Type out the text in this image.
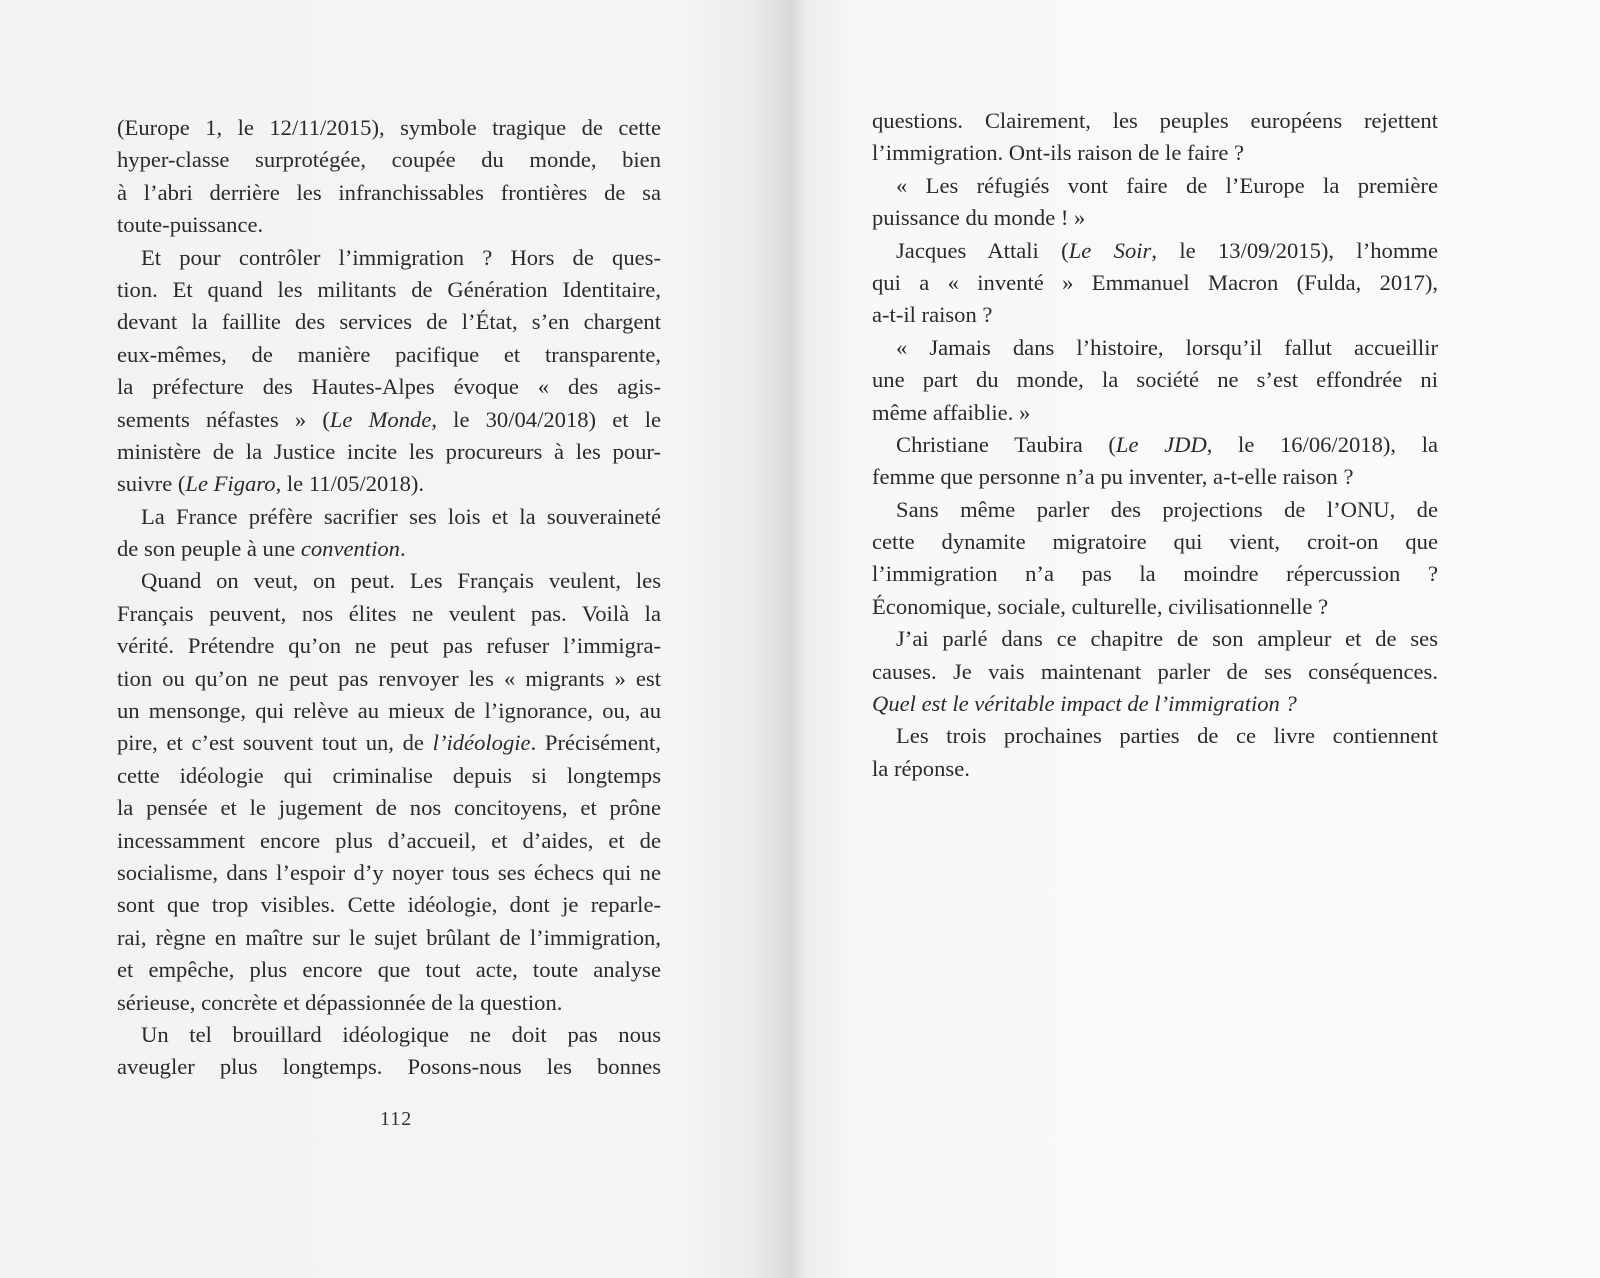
(Europe 1, le 12/11/2015), symbole tragique de cette
hyper-classe surprotégée, coupée du monde, bien
à l’abri derrière les infranchissables frontières de sa
toute-puissance.
Et pour contrôler l’immigration ? Hors de ques-
tion. Et quand les militants de Génération Identitaire,
devant la faillite des services de l’État, s’en chargent
eux-mêmes, de manière pacifique et transparente,
la préfecture des Hautes-Alpes évoque « des agis-
sements néfastes » (Le Monde, le 30/04/2018) et le
ministère de la Justice incite les procureurs à les pour-
suivre (Le Figaro, le 11/05/2018).
La France préfère sacrifier ses lois et la souveraineté
de son peuple à une convention.
Quand on veut, on peut. Les Français veulent, les
Français peuvent, nos élites ne veulent pas. Voilà la
vérité. Prétendre qu’on ne peut pas refuser l’immigra-
tion ou qu’on ne peut pas renvoyer les « migrants » est
un mensonge, qui relève au mieux de l’ignorance, ou, au
pire, et c’est souvent tout un, de l’idéologie. Précisément,
cette idéologie qui criminalise depuis si longtemps
la pensée et le jugement de nos concitoyens, et prône
incessamment encore plus d’accueil, et d’aides, et de
socialisme, dans l’espoir d’y noyer tous ses échecs qui ne
sont que trop visibles. Cette idéologie, dont je reparle-
rai, règne en maître sur le sujet brûlant de l’immigration,
et empêche, plus encore que tout acte, toute analyse
sérieuse, concrète et dépassionnée de la question.
Un tel brouillard idéologique ne doit pas nous
aveugler plus longtemps. Posons-nous les bonnes
112
questions. Clairement, les peuples européens rejettent
l’immigration. Ont-ils raison de le faire ?
« Les réfugiés vont faire de l’Europe la première
puissance du monde ! »
Jacques Attali (Le Soir, le 13/09/2015), l’homme
qui a « inventé » Emmanuel Macron (Fulda, 2017),
a-t-il raison ?
« Jamais dans l’histoire, lorsqu’il fallut accueillir
une part du monde, la société ne s’est effondrée ni
même affaiblie. »
Christiane Taubira (Le JDD, le 16/06/2018), la
femme que personne n’a pu inventer, a-t-elle raison ?
Sans même parler des projections de l’ONU, de
cette dynamite migratoire qui vient, croit-on que
l’immigration n’a pas la moindre répercussion ?
Économique, sociale, culturelle, civilisationnelle ?
J’ai parlé dans ce chapitre de son ampleur et de ses
causes. Je vais maintenant parler de ses conséquences.
Quel est le véritable impact de l’immigration ?
Les trois prochaines parties de ce livre contiennent
la réponse.
